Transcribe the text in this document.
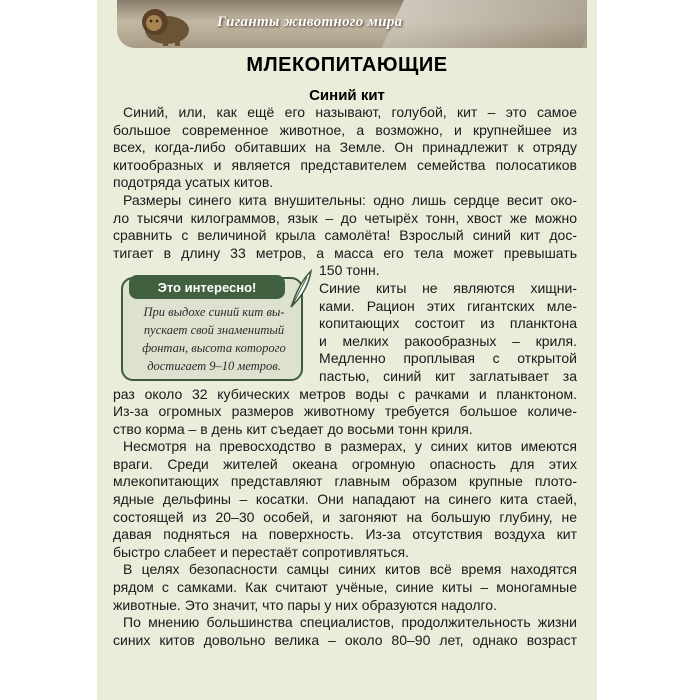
Гиганты животного мира
МЛЕКОПИТАЮЩИЕ
Синий кит
Синий, или, как ещё его называют, голубой, кит – это самое
большое современное животное, а возможно, и крупнейшее из
всех, когда-либо обитавших на Земле. Он принадлежит к отряду
китообразных и является представителем семейства полосатиков
подотряда усатых китов.
Размеры синего кита внушительны: одно лишь сердце весит око-
ло тысячи килограммов, язык – до четырёх тонн, хвост же можно
сравнить с величиной крыла самолёта! Взрослый синий кит дос-
тигает в длину 33 метров, а масса его тела может превышать
150 тонн.
Синие киты не являются хищни-
ками. Рацион этих гигантских мле-
копитающих состоит из планктона
и мелких ракообразных – криля.
Медленно проплывая с открытой
пастью, синий кит заглатывает за
раз около 32 кубических метров воды с рачками и планктоном.
Из-за огромных размеров животному требуется большое количе-
ство корма – в день кит съедает до восьми тонн криля.
Несмотря на превосходство в размерах, у синих китов имеются
враги. Среди жителей океана огромную опасность для этих
млекопитающих представляют главным образом крупные плото-
ядные дельфины – косатки. Они нападают на синего кита стаей,
состоящей из 20–30 особей, и загоняют на большую глубину, не
давая подняться на поверхность. Из-за отсутствия воздуха кит
быстро слабеет и перестаёт сопротивляться.
В целях безопасности самцы синих китов всё время находятся
рядом с самками. Как считают учёные, синие киты – моногамные
животные. Это значит, что пары у них образуются надолго.
По мнению большинства специалистов, продолжительность жизни
синих китов довольно велика – около 80–90 лет, однако возраст
Это интересно!
При выдохе синий кит вы-
пускает свой знаменитый
фонтан, высота которого
достигает 9–10 метров.
